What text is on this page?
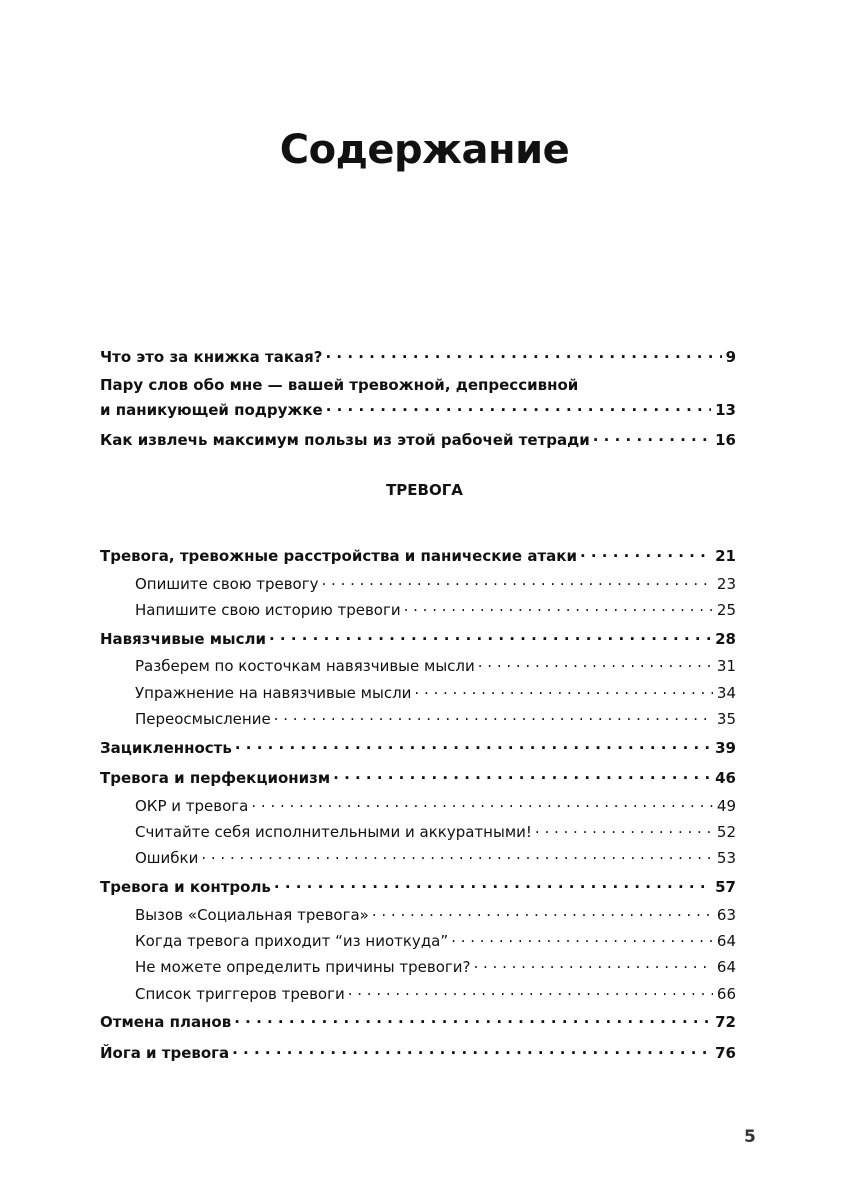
Содержание
Что это за книжка такая? . . .	9
Пару слов обо мне — вашей тревожной, депрессивной
и паникующей подружке . . .	13
Как извлечь максимум пользы из этой рабочей тетради . . .	16
ТРЕВОГА
Тревога, тревожные расстройства и панические атаки . . .	21
Опишите свою тревогу . . .	23
Напишите свою историю тревоги . . .	25
Навязчивые мысли . . .	28
Разберем по косточкам навязчивые мысли . . .	31
Упражнение на навязчивые мысли . . .	34
Переосмысление . . .	35
Зацикленность . . .	39
Тревога и перфекционизм . . .	46
ОКР и тревога . . .	49
Считайте себя исполнительными и аккуратными! . . .	52
Ошибки . . .	53
Тревога и контроль . . .	57
Вызов «Социальная тревога» . . .	63
Когда тревога приходит “из ниоткуда” . . .	64
Не можете определить причины тревоги? . . .	64
Список триггеров тревоги . . .	66
Отмена планов . . .	72
Йога и тревога . . .	76
5
